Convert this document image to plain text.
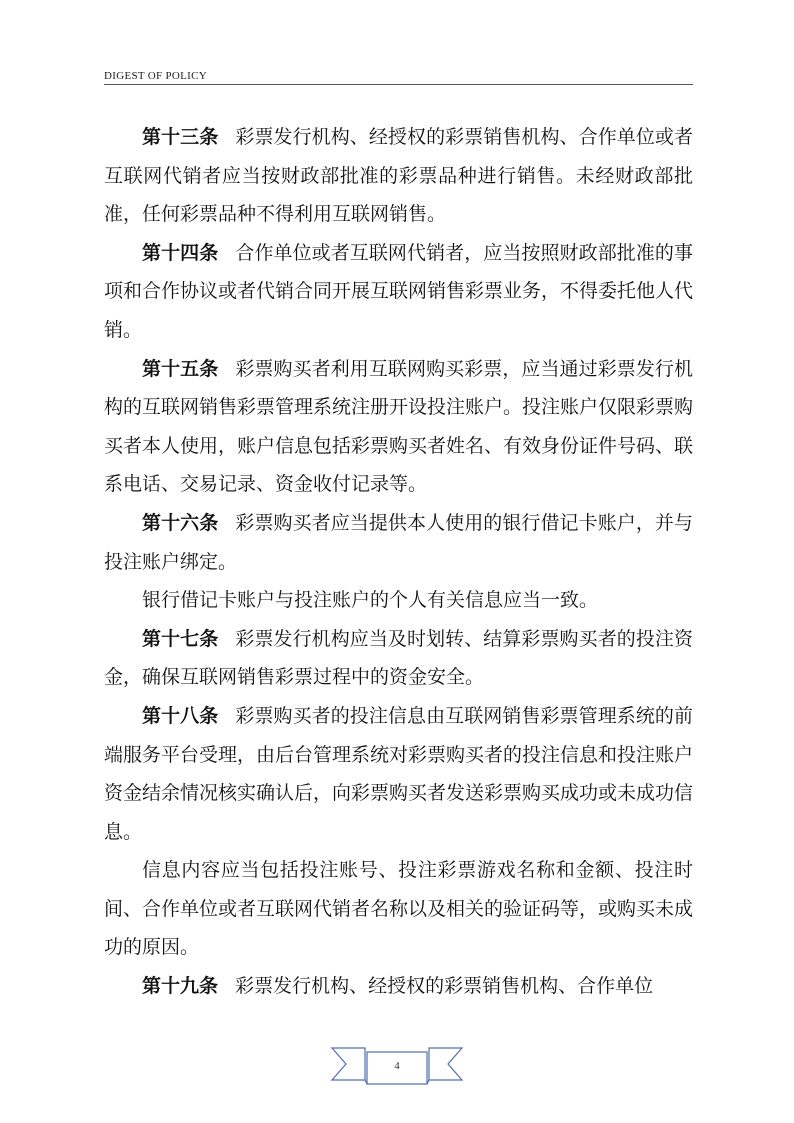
DIGEST OF POLICY

第十三条 彩票发行机构、经授权的彩票销售机构、合作单位或者互联网代销者应当按财政部批准的彩票品种进行销售。未经财政部批准，任何彩票品种不得利用互联网销售。

第十四条 合作单位或者互联网代销者，应当按照财政部批准的事项和合作协议或者代销合同开展互联网销售彩票业务，不得委托他人代销。

第十五条 彩票购买者利用互联网购买彩票，应当通过彩票发行机构的互联网销售彩票管理系统注册开设投注账户。投注账户仅限彩票购买者本人使用，账户信息包括彩票购买者姓名、有效身份证件号码、联系电话、交易记录、资金收付记录等。

第十六条 彩票购买者应当提供本人使用的银行借记卡账户，并与投注账户绑定。

银行借记卡账户与投注账户的个人有关信息应当一致。

第十七条 彩票发行机构应当及时划转、结算彩票购买者的投注资金，确保互联网销售彩票过程中的资金安全。

第十八条 彩票购买者的投注信息由互联网销售彩票管理系统的前端服务平台受理，由后台管理系统对彩票购买者的投注信息和投注账户资金结余情况核实确认后，向彩票购买者发送彩票购买成功或未成功信息。

信息内容应当包括投注账号、投注彩票游戏名称和金额、投注时间、合作单位或者互联网代销者名称以及相关的验证码等，或购买未成功的原因。

第十九条 彩票发行机构、经授权的彩票销售机构、合作单位

4
